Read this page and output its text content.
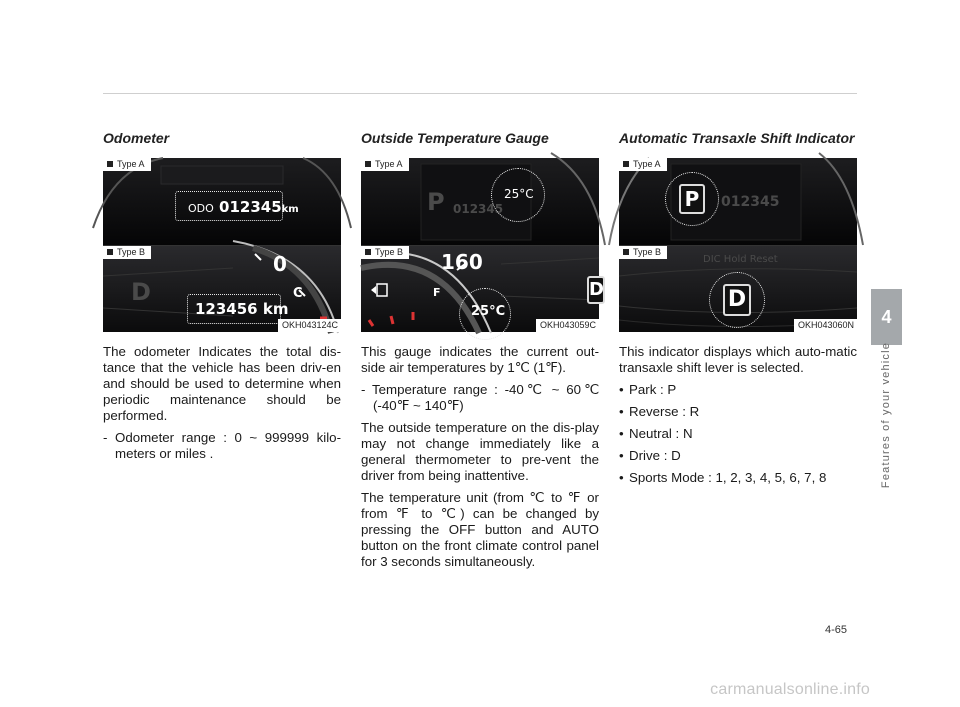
Odometer
Type A
ODO 012345km
Type B	0
C
D
123456 km
OKH043124C

The odometer Indicates the total dis-tance that the vehicle has been driv-en and should be used to determine when periodic maintenance should be performed.

- Odometer range : 0 ~ 999999 kilo-meters or miles .
Outside Temperature Gauge
Type A
P 012345
25°C
Type B	160
F
25°C
D
OKH043059C

This gauge indicates the current out-side air temperatures by 1℃ (1℉).

- Temperature range : -40℃ ~ 60℃ (-40℉ ~ 140℉)

The outside temperature on the dis-play may not change immediately like a general thermometer to pre-vent the driver from being inattentive.

The temperature unit (from ℃ to ℉ or from ℉ to ℃) can be changed by pressing the OFF button and AUTO button on the front climate control panel for 3 seconds simultaneously.

Automatic Transaxle Shift Indicator
Type A
012345
P
Type B
DIC Hold Reset
D
OKH043060N

This indicator displays which auto-matic transaxle shift lever is selected.

• Park : P
• Reverse : R
• Neutral : N
• Drive : D
• Sports Mode : 1, 2, 3, 4, 5, 6, 7, 8
4
Features of your vehicle
4-65
carmanualsonline.info
